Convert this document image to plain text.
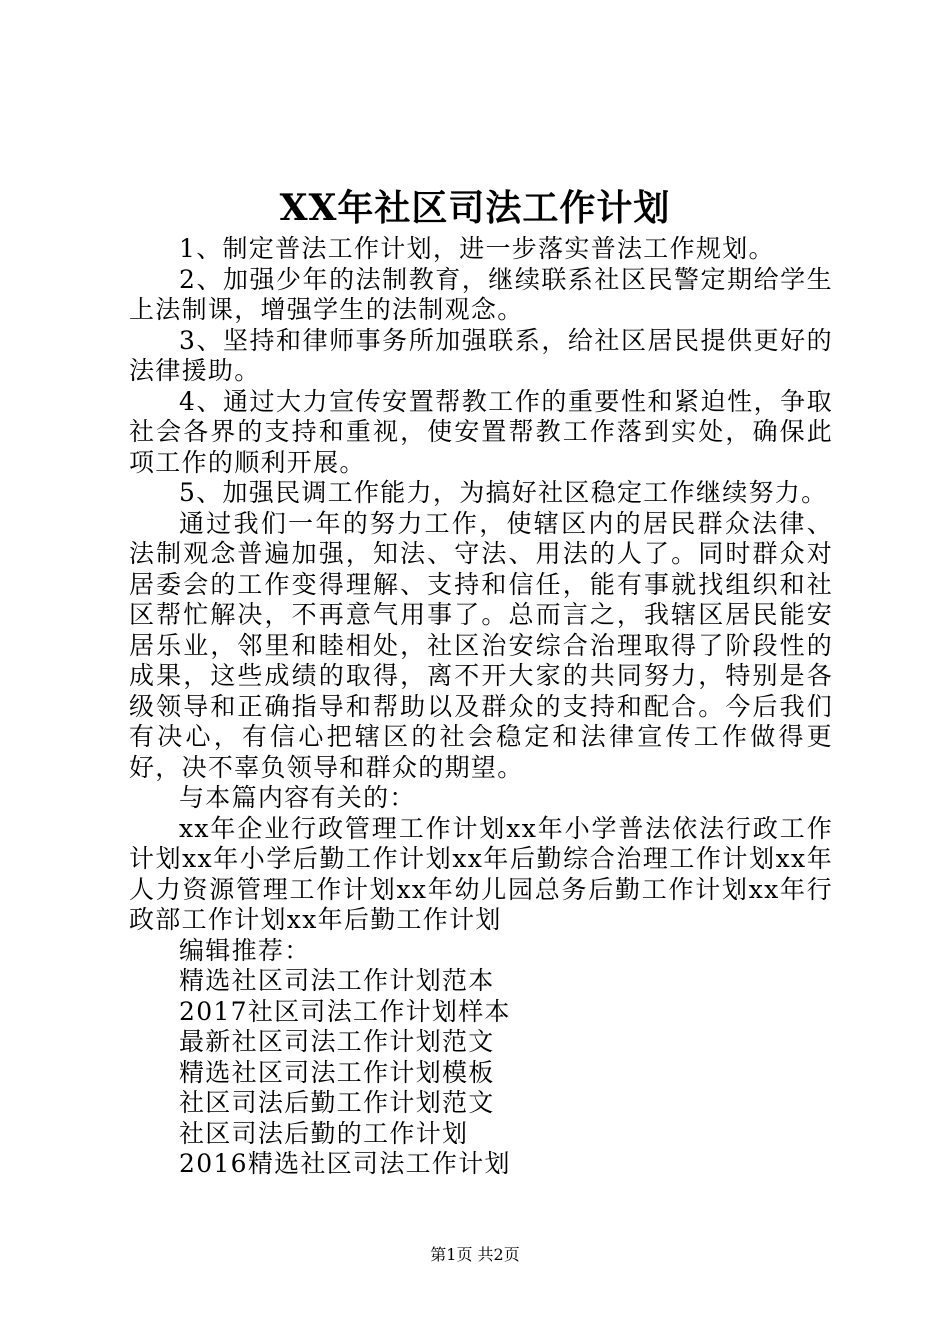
XX年社区司法工作计划

1、制定普法工作计划，进一步落实普法工作规划。

2、加强少年的法制教育，继续联系社区民警定期给学生上法制课，增强学生的法制观念。

3、坚持和律师事务所加强联系，给社区居民提供更好的法律援助。

4、通过大力宣传安置帮教工作的重要性和紧迫性，争取社会各界的支持和重视，使安置帮教工作落到实处，确保此项工作的顺利开展。

5、加强民调工作能力，为搞好社区稳定工作继续努力。

通过我们一年的努力工作，使辖区内的居民群众法律、法制观念普遍加强，知法、守法、用法的人了。同时群众对居委会的工作变得理解、支持和信任，能有事就找组织和社区帮忙解决，不再意气用事了。总而言之，我辖区居民能安居乐业，邻里和睦相处，社区治安综合治理取得了阶段性的成果，这些成绩的取得，离不开大家的共同努力，特别是各级领导和正确指导和帮助以及群众的支持和配合。今后我们有决心，有信心把辖区的社会稳定和法律宣传工作做得更好，决不辜负领导和群众的期望。

与本篇内容有关的：

xx年企业行政管理工作计划xx年小学普法依法行政工作计划xx年小学后勤工作计划xx年后勤综合治理工作计划xx年人力资源管理工作计划xx年幼儿园总务后勤工作计划xx年行政部工作计划xx年后勤工作计划

编辑推荐：

精选社区司法工作计划范本
2017社区司法工作计划样本
最新社区司法工作计划范文
精选社区司法工作计划模板
社区司法后勤工作计划范文
社区司法后勤的工作计划
2016精选社区司法工作计划
第1页 共2页
